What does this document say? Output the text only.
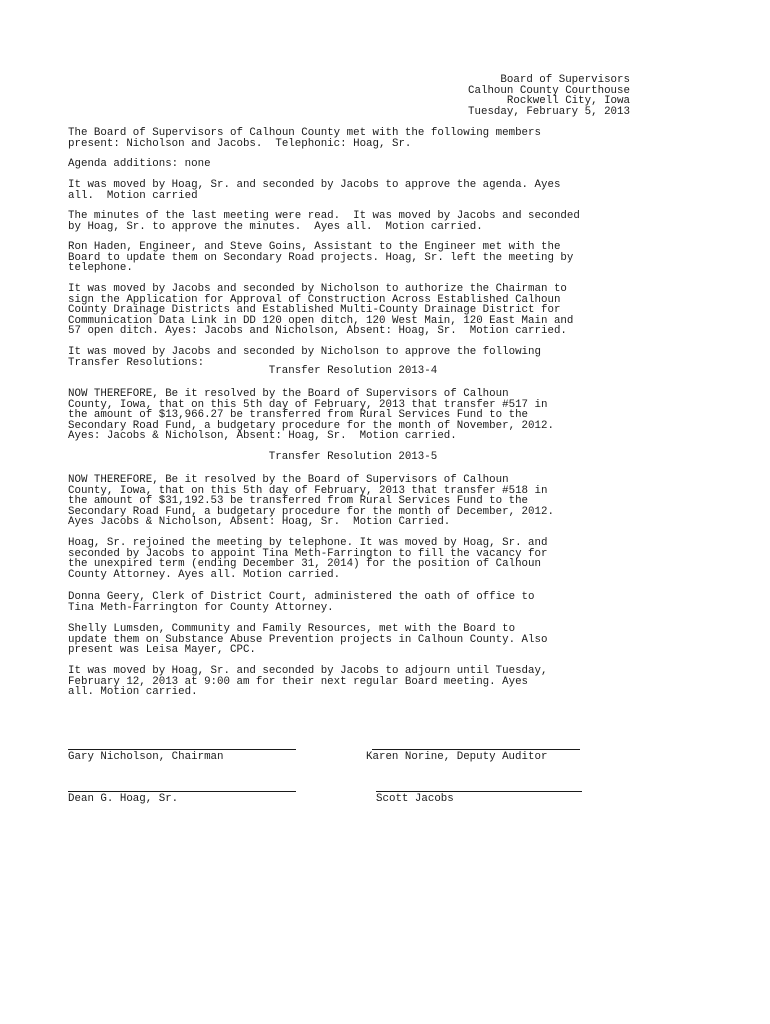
Board of Supervisors
Calhoun County Courthouse
Rockwell City, Iowa
Tuesday, February 5, 2013
The Board of Supervisors of Calhoun County met with the following members
present: Nicholson and Jacobs.  Telephonic: Hoag, Sr.
Agenda additions: none
It was moved by Hoag, Sr. and seconded by Jacobs to approve the agenda. Ayes
all.  Motion carried
The minutes of the last meeting were read.  It was moved by Jacobs and seconded
by Hoag, Sr. to approve the minutes.  Ayes all.  Motion carried.
Ron Haden, Engineer, and Steve Goins, Assistant to the Engineer met with the
Board to update them on Secondary Road projects. Hoag, Sr. left the meeting by
telephone.
It was moved by Jacobs and seconded by Nicholson to authorize the Chairman to
sign the Application for Approval of Construction Across Established Calhoun
County Drainage Districts and Established Multi-County Drainage District for
Communication Data Link in DD 120 open ditch, 120 West Main, 120 East Main and
57 open ditch. Ayes: Jacobs and Nicholson, Absent: Hoag, Sr.  Motion carried.
It was moved by Jacobs and seconded by Nicholson to approve the following
Transfer Resolutions:
Transfer Resolution 2013-4
NOW THEREFORE, Be it resolved by the Board of Supervisors of Calhoun
County, Iowa, that on this 5th day of February, 2013 that transfer #517 in
the amount of $13,966.27 be transferred from Rural Services Fund to the
Secondary Road Fund, a budgetary procedure for the month of November, 2012.
Ayes: Jacobs & Nicholson, Absent: Hoag, Sr.  Motion carried.
Transfer Resolution 2013-5
NOW THEREFORE, Be it resolved by the Board of Supervisors of Calhoun
County, Iowa, that on this 5th day of February, 2013 that transfer #518 in
the amount of $31,192.53 be transferred from Rural Services Fund to the
Secondary Road Fund, a budgetary procedure for the month of December, 2012.
Ayes Jacobs & Nicholson, Absent: Hoag, Sr.  Motion Carried.
Hoag, Sr. rejoined the meeting by telephone. It was moved by Hoag, Sr. and
seconded by Jacobs to appoint Tina Meth-Farrington to fill the vacancy for
the unexpired term (ending December 31, 2014) for the position of Calhoun
County Attorney. Ayes all. Motion carried.
Donna Geery, Clerk of District Court, administered the oath of office to
Tina Meth-Farrington for County Attorney.
Shelly Lumsden, Community and Family Resources, met with the Board to
update them on Substance Abuse Prevention projects in Calhoun County. Also
present was Leisa Mayer, CPC.
It was moved by Hoag, Sr. and seconded by Jacobs to adjourn until Tuesday,
February 12, 2013 at 9:00 am for their next regular Board meeting. Ayes
all. Motion carried.
Gary Nicholson, Chairman	Karen Norine, Deputy Auditor
Dean G. Hoag, Sr.	Scott Jacobs
